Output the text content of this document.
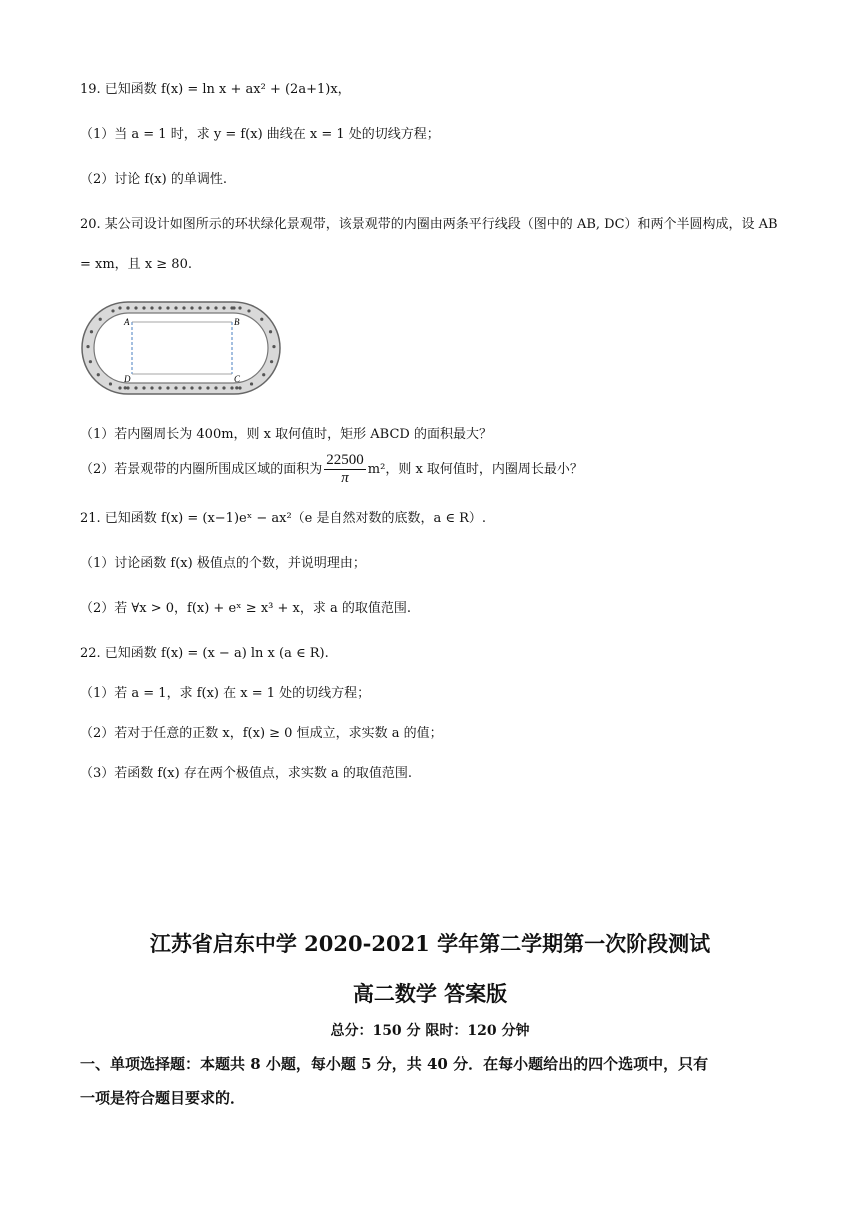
19. 已知函数 f(x) = ln x + ax² + (2a+1)x，
（1）当 a = 1 时，求 y = f(x) 曲线在 x = 1 处的切线方程；
（2）讨论 f(x) 的单调性.
20. 某公司设计如图所示的环状绿化景观带，该景观带的内圈由两条平行线段（图中的 AB, DC）和两个半圆构成，设 AB = xm，且 x ≥ 80.
A	B
D	C
（1）若内圈周长为 400m，则 x 取何值时，矩形 ABCD 的面积最大？
（2）若景观带的内圈所围成区域的面积为 $\frac{22500}{\pi} m^2$，则 x 取何值时，内圈周长最小？
21. 已知函数 f(x) = (x−1)eˣ − ax²（e 是自然对数的底数，a ∈ R）.
（1）讨论函数 f(x) 极值点的个数，并说明理由；
（2）若 ∀x > 0，f(x) + eˣ ≥ x³ + x，求 a 的取值范围.
22. 已知函数 f(x) = (x − a) ln x (a ∈ R).
（1）若 a = 1，求 f(x) 在 x = 1 处的切线方程；
（2）若对于任意的正数 x，f(x) ≥ 0 恒成立，求实数 a 的值；
（3）若函数 f(x) 存在两个极值点，求实数 a 的取值范围.
江苏省启东中学 2020-2021 学年第二学期第一次阶段测试
高二数学 答案版
总分：150 分 限时：120 分钟
一、单项选择题：本题共 8 小题，每小题 5 分，共 40 分．在每小题给出的四个选项中，只有
一项是符合题目要求的．
